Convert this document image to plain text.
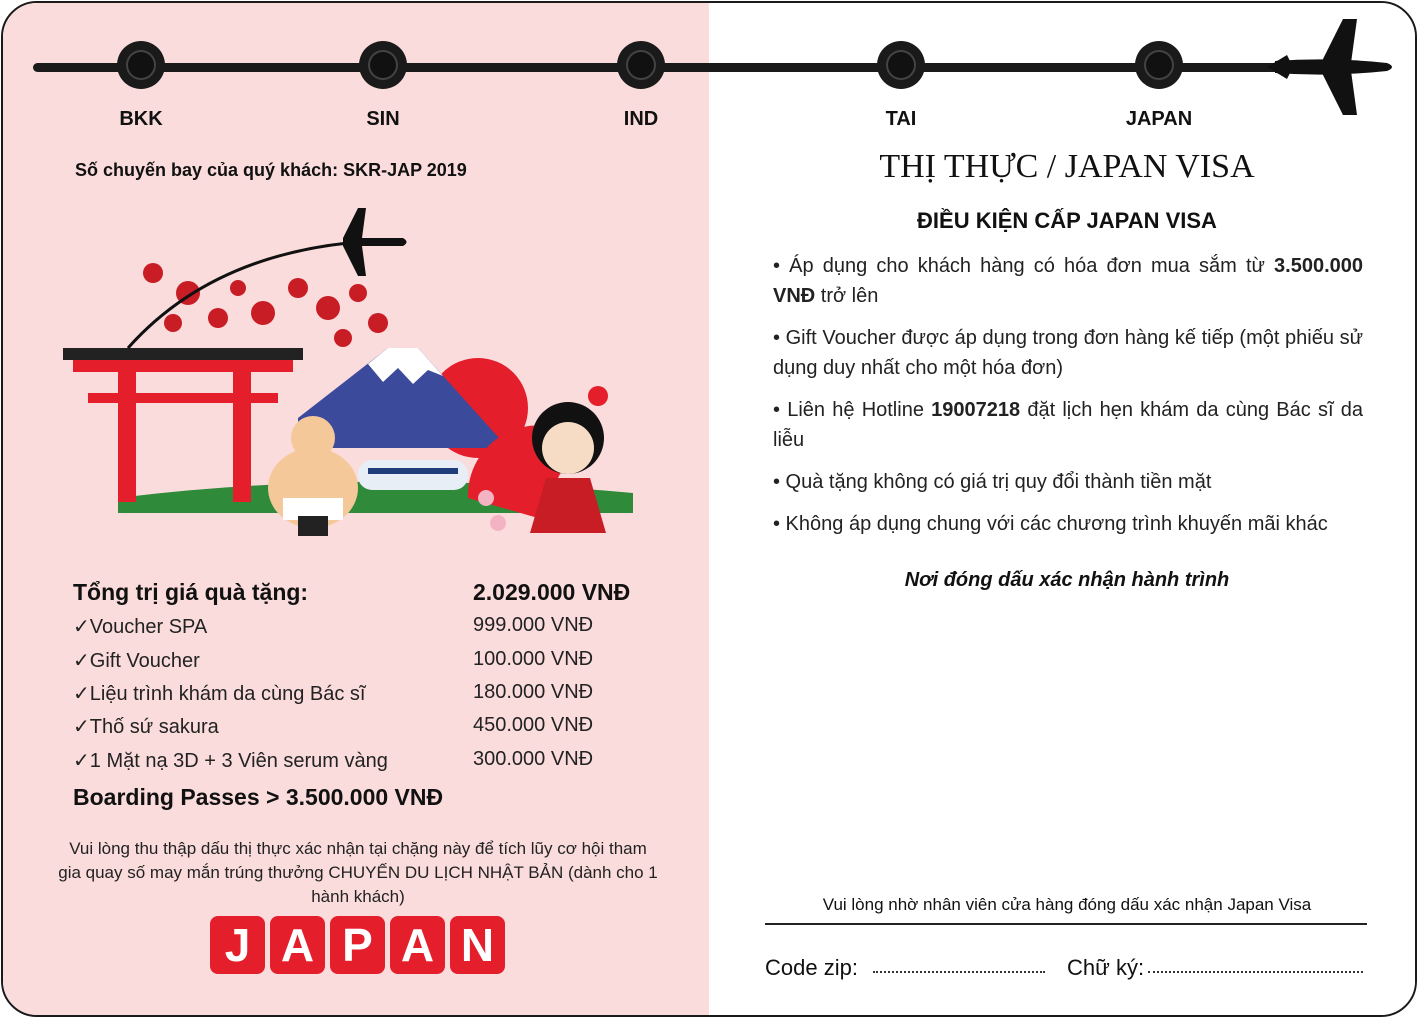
BKK	SIN	IND	TAI	JAPAN
Số chuyến bay của quý khách: SKR-JAP 2019
Tổng trị giá quà tặng:	2.029.000 VNĐ
✓Voucher SPA	999.000 VNĐ
✓Gift Voucher	100.000 VNĐ
✓Liệu trình khám da cùng Bác sĩ	180.000 VNĐ
✓Thố sứ sakura	450.000 VNĐ
✓1 Mặt nạ 3D + 3 Viên serum vàng	300.000 VNĐ
Boarding Passes > 3.500.000 VNĐ
Vui lòng thu thập dấu thị thực xác nhận tại chặng này để tích lũy cơ hội tham gia quay số may mắn trúng thưởng CHUYẾN DU LỊCH NHẬT BẢN (dành cho 1 hành khách)
J A P A N
THỊ THỰC / JAPAN VISA
ĐIỀU KIỆN CẤP JAPAN VISA
• Áp dụng cho khách hàng có hóa đơn mua sắm từ 3.500.000 VNĐ trở lên
• Gift Voucher được áp dụng trong đơn hàng kế tiếp (một phiếu sử dụng duy nhất cho một hóa đơn)
• Liên hệ Hotline 19007218 đặt lịch hẹn khám da cùng Bác sĩ da liễu
• Quà tặng không có giá trị quy đổi thành tiền mặt
• Không áp dụng chung với các chương trình khuyến mãi khác
Nơi đóng dấu xác nhận hành trình
Vui lòng nhờ nhân viên cửa hàng đóng dấu xác nhận Japan Visa
Code zip:	Chữ ký:
